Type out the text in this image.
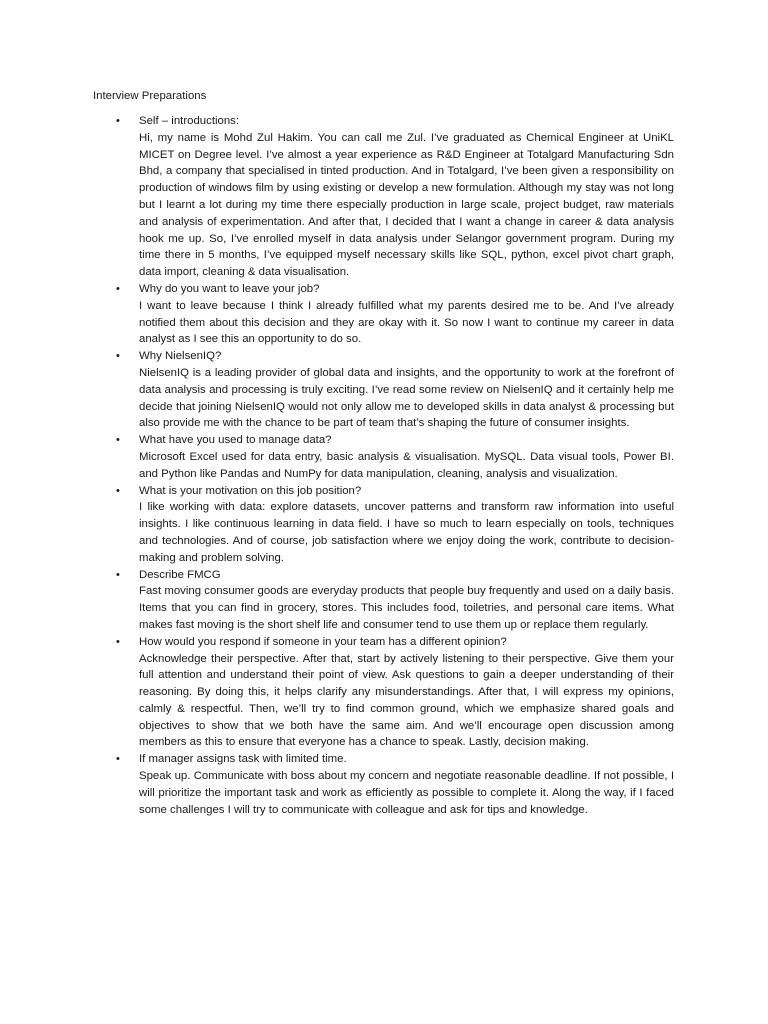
Interview Preparations
• Self – introductions:
Hi, my name is Mohd Zul Hakim. You can call me Zul. I’ve graduated as Chemical Engineer at UniKL MICET on Degree level. I’ve almost a year experience as R&D Engineer at Totalgard Manufacturing Sdn Bhd, a company that specialised in tinted production. And in Totalgard, I’ve been given a responsibility on production of windows film by using existing or develop a new formulation. Although my stay was not long but I learnt a lot during my time there especially production in large scale, project budget, raw materials and analysis of experimentation. And after that, I decided that I want a change in career & data analysis hook me up. So, I’ve enrolled myself in data analysis under Selangor government program. During my time there in 5 months, I’ve equipped myself necessary skills like SQL, python, excel pivot chart graph, data import, cleaning & data visualisation.
• Why do you want to leave your job?
I want to leave because I think I already fulfilled what my parents desired me to be. And I’ve already notified them about this decision and they are okay with it. So now I want to continue my career in data analyst as I see this an opportunity to do so.
• Why NielsenIQ?
NielsenIQ is a leading provider of global data and insights, and the opportunity to work at the forefront of data analysis and processing is truly exciting. I’ve read some review on NielsenIQ and it certainly help me decide that joining NielsenIQ would not only allow me to developed skills in data analyst & processing but also provide me with the chance to be part of team that’s shaping the future of consumer insights.
• What have you used to manage data?
Microsoft Excel used for data entry, basic analysis & visualisation. MySQL. Data visual tools, Power BI. and Python like Pandas and NumPy for data manipulation, cleaning, analysis and visualization.
• What is your motivation on this job position?
I like working with data: explore datasets, uncover patterns and transform raw information into useful insights. I like continuous learning in data field. I have so much to learn especially on tools, techniques and technologies. And of course, job satisfaction where we enjoy doing the work, contribute to decision-making and problem solving.
• Describe FMCG
Fast moving consumer goods are everyday products that people buy frequently and used on a daily basis. Items that you can find in grocery, stores. This includes food, toiletries, and personal care items. What makes fast moving is the short shelf life and consumer tend to use them up or replace them regularly.
• How would you respond if someone in your team has a different opinion?
Acknowledge their perspective. After that, start by actively listening to their perspective. Give them your full attention and understand their point of view. Ask questions to gain a deeper understanding of their reasoning. By doing this, it helps clarify any misunderstandings. After that, I will express my opinions, calmly & respectful. Then, we’ll try to find common ground, which we emphasize shared goals and objectives to show that we both have the same aim. And we’ll encourage open discussion among members as this to ensure that everyone has a chance to speak. Lastly, decision making.
• If manager assigns task with limited time.
Speak up. Communicate with boss about my concern and negotiate reasonable deadline. If not possible, I will prioritize the important task and work as efficiently as possible to complete it. Along the way, if I faced some challenges I will try to communicate with colleague and ask for tips and knowledge.
